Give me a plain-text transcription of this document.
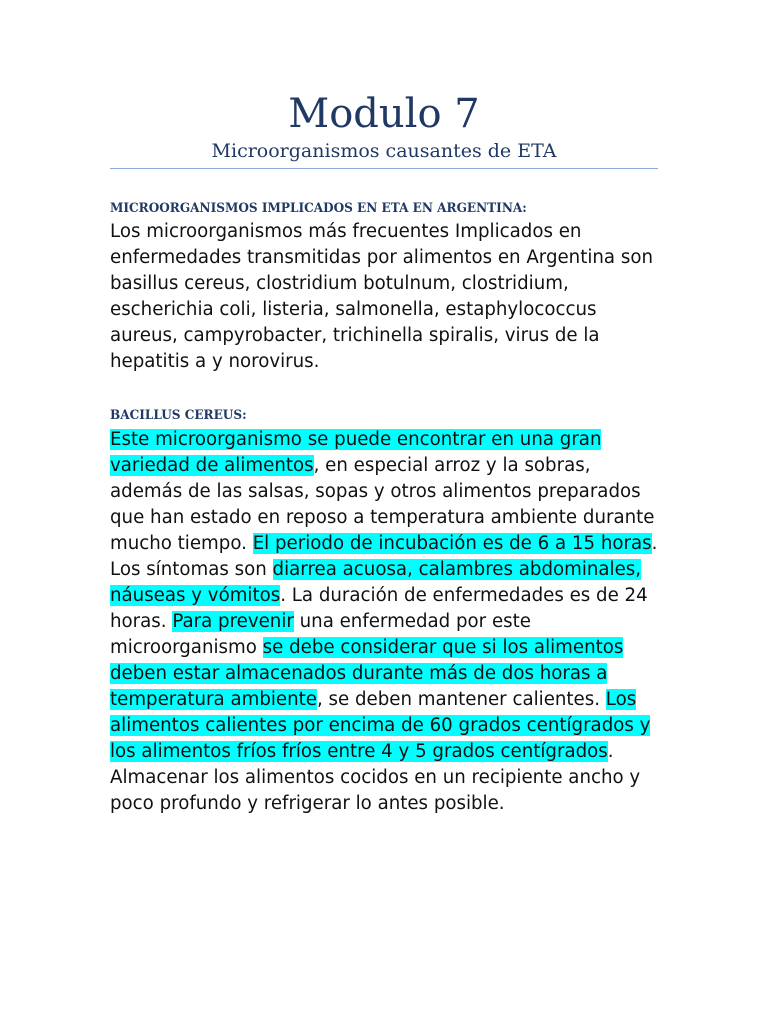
Modulo 7
Microorganismos causantes de ETA
MICROORGANISMOS IMPLICADOS EN ETA EN ARGENTINA:
Los microorganismos más frecuentes Implicados en enfermedades transmitidas por alimentos en Argentina son basillus cereus, clostridium botulnum, clostridium, escherichia coli, listeria, salmonella, estaphylococcus aureus, campyrobacter, trichinella spiralis, virus de la hepatitis a y norovirus.
BACILLUS CEREUS:
Este microorganismo se puede encontrar en una gran variedad de alimentos, en especial arroz y la sobras, además de las salsas, sopas y otros alimentos preparados que han estado en reposo a temperatura ambiente durante mucho tiempo. El periodo de incubación es de 6 a 15 horas. Los síntomas son diarrea acuosa, calambres abdominales, náuseas y vómitos. La duración de enfermedades es de 24 horas. Para prevenir una enfermedad por este microorganismo se debe considerar que si los alimentos deben estar almacenados durante más de dos horas a temperatura ambiente, se deben mantener calientes. Los alimentos calientes por encima de 60 grados centígrados y los alimentos fríos fríos entre 4 y 5 grados centígrados. Almacenar los alimentos cocidos en un recipiente ancho y poco profundo y refrigerar lo antes posible.
